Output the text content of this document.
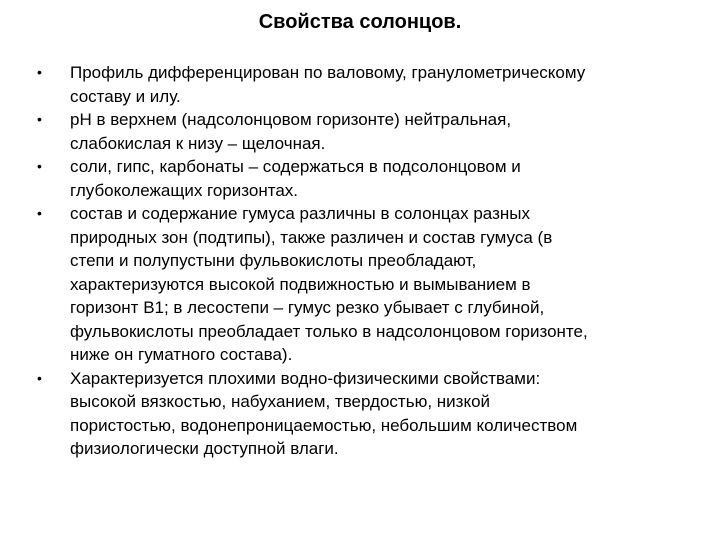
Свойства солонцов.
• Профиль дифференцирован по валовому, гранулометрическому
составу и илу.
• рН в верхнем (надсолонцовом горизонте) нейтральная,
слабокислая к низу – щелочная.
• соли, гипс, карбонаты – содержаться в подсолонцовом и
глубоколежащих горизонтах.
• состав и содержание гумуса различны в солонцах разных
природных зон (подтипы), также различен и состав гумуса (в
степи и полупустыни фульвокислоты преобладают,
характеризуются высокой подвижностью и вымыванием в
горизонт В1; в лесостепи – гумус резко убывает с глубиной,
фульвокислоты преобладает только в надсолонцовом горизонте,
ниже он гуматного состава).
• Характеризуется плохими водно-физическими свойствами:
высокой вязкостью, набуханием, твердостью, низкой
пористостью, водонепроницаемостью, небольшим количеством
физиологически доступной влаги.
